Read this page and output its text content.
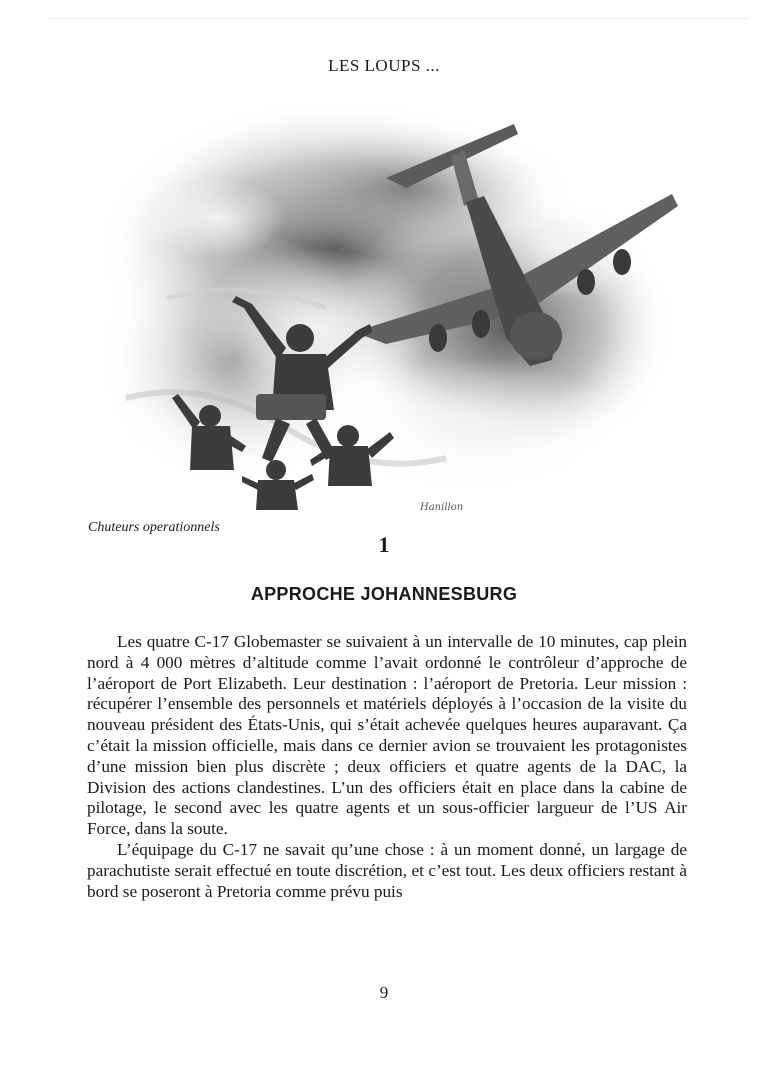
LES LOUPS ...
Hanillon
Chuteurs operationnels
1
APPROCHE JOHANNESBURG

Les quatre C-17 Globemaster se suivaient à un intervalle de 10 minutes, cap plein nord à 4 000 mètres d’altitude comme l’avait ordonné le contrôleur d’approche de l’aéroport de Port Elizabeth. Leur destination : l’aéroport de Pretoria. Leur mission : récupérer l’ensemble des personnels et matériels déployés à l’occasion de la visite du nouveau président des États-Unis, qui s’était achevée quelques heures auparavant. Ça c’était la mission officielle, mais dans ce dernier avion se trouvaient les protagonistes d’une mission bien plus discrète ; deux officiers et quatre agents de la DAC, la Division des actions clandestines. L’un des officiers était en place dans la cabine de pilotage, le second avec les quatre agents et un sous-officier largueur de l’US Air Force, dans la soute.

L’équipage du C-17 ne savait qu’une chose : à un moment donné, un largage de parachutiste serait effectué en toute discrétion, et c’est tout. Les deux officiers restant à bord se poseront à Pretoria comme prévu puis

9
